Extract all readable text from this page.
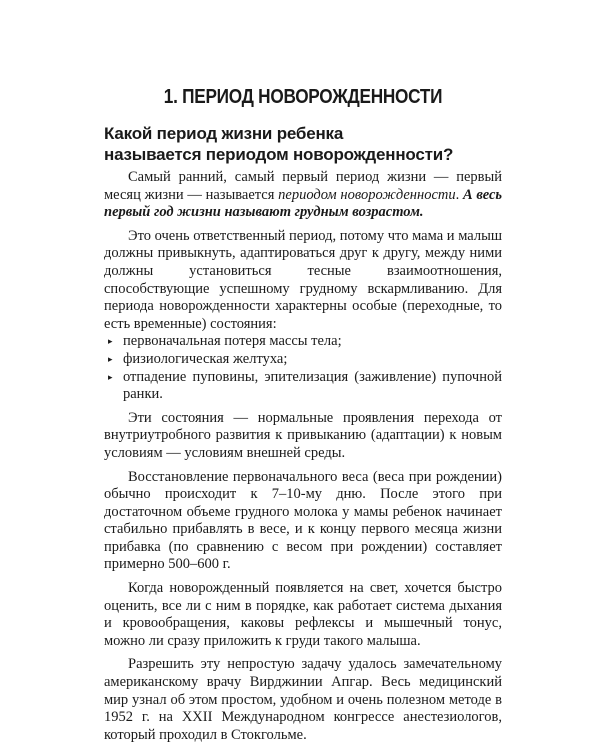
1. ПЕРИОД НОВОРОЖДЕННОСТИ
Какой период жизни ребенка
называется периодом новорожденности?

Самый ранний, самый первый период жизни — первый месяц жизни — называется периодом новорожденности. А весь первый год жизни называют грудным возрастом.

Это очень ответственный период, потому что мама и малыш должны привыкнуть, адаптироваться друг к другу, между ними должны установиться тесные взаимоотношения, способствующие успешному грудному вскармливанию. Для периода новорожденности характерны особые (переходные, то есть временные) состояния:

▸ первоначальная потеря массы тела;
▸ физиологическая желтуха;
▸ отпадение пуповины, эпителизация (заживление) пупочной ранки.

Эти состояния — нормальные проявления перехода от внутриутробного развития к привыканию (адаптации) к новым условиям — условиям внешней среды.

Восстановление первоначального веса (веса при рождении) обычно происходит к 7–10-му дню. После этого при достаточном объеме грудного молока у мамы ребенок начинает стабильно прибавлять в весе, и к концу первого месяца жизни прибавка (по сравнению с весом при рождении) составляет примерно 500–600 г.

Когда новорожденный появляется на свет, хочется быстро оценить, все ли с ним в порядке, как работает система дыхания и кровообращения, каковы рефлексы и мышечный тонус, можно ли сразу приложить к груди такого малыша.

Разрешить эту непростую задачу удалось замечательному американскому врачу Вирджинии Апгар. Весь медицинский мир узнал об этом простом, удобном и очень полезном методе в 1952 г. на XXII Международном конгрессе анестезиологов, который проходил в Стокгольме.
